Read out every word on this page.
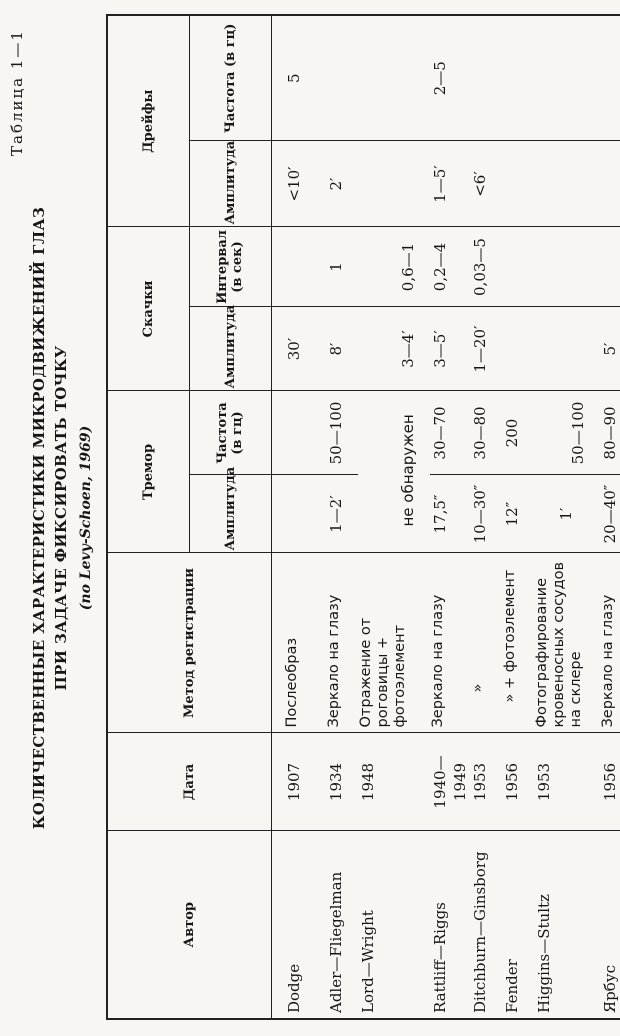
Таблица 1—1
КОЛИЧЕСТВЕННЫЕ ХАРАКТЕРИСТИКИ МИКРОДВИЖЕНИЙ ГЛАЗ ПРИ ЗАДАЧЕ ФИКСИРОВАТЬ ТОЧКУ (по Levy-Schoen, 1969)
Автор	Дата	Метод регистрации	Тремор		Скачки		Дрейфы	
			Амплитуда	Частота (в гц)	Амплитуда	Интервал (в сек)	Амплитуда	Частота (в гц)
Dodge	1907	Послеобраз			30′		<10′	5
Adler—Fliegelman	1934	Зеркало на глазу	1—2′	50—100	8′	1	2′	
Lord—Wright	1948	Отражение от роговицы + фотоэлемент	не обнаружен		3—4′	0,6—1		
Rattliff—Riggs	1940—1949	Зеркало на глазу	17,5″	30—70	3—5′	0,2—4	1—5′	2—5
Ditchburn—Ginsborg	1953	»	10—30″	30—80	1—20′	0,03—5	<6′	
Fender	1956	» + фотоэлемент	12″	200				
Higgins—Stultz	1953	Фотографирование кровеносных сосудов на склере	1′	50—100				
Ярбус	1956	Зеркало на глазу	20—40″	80—90	5′			
